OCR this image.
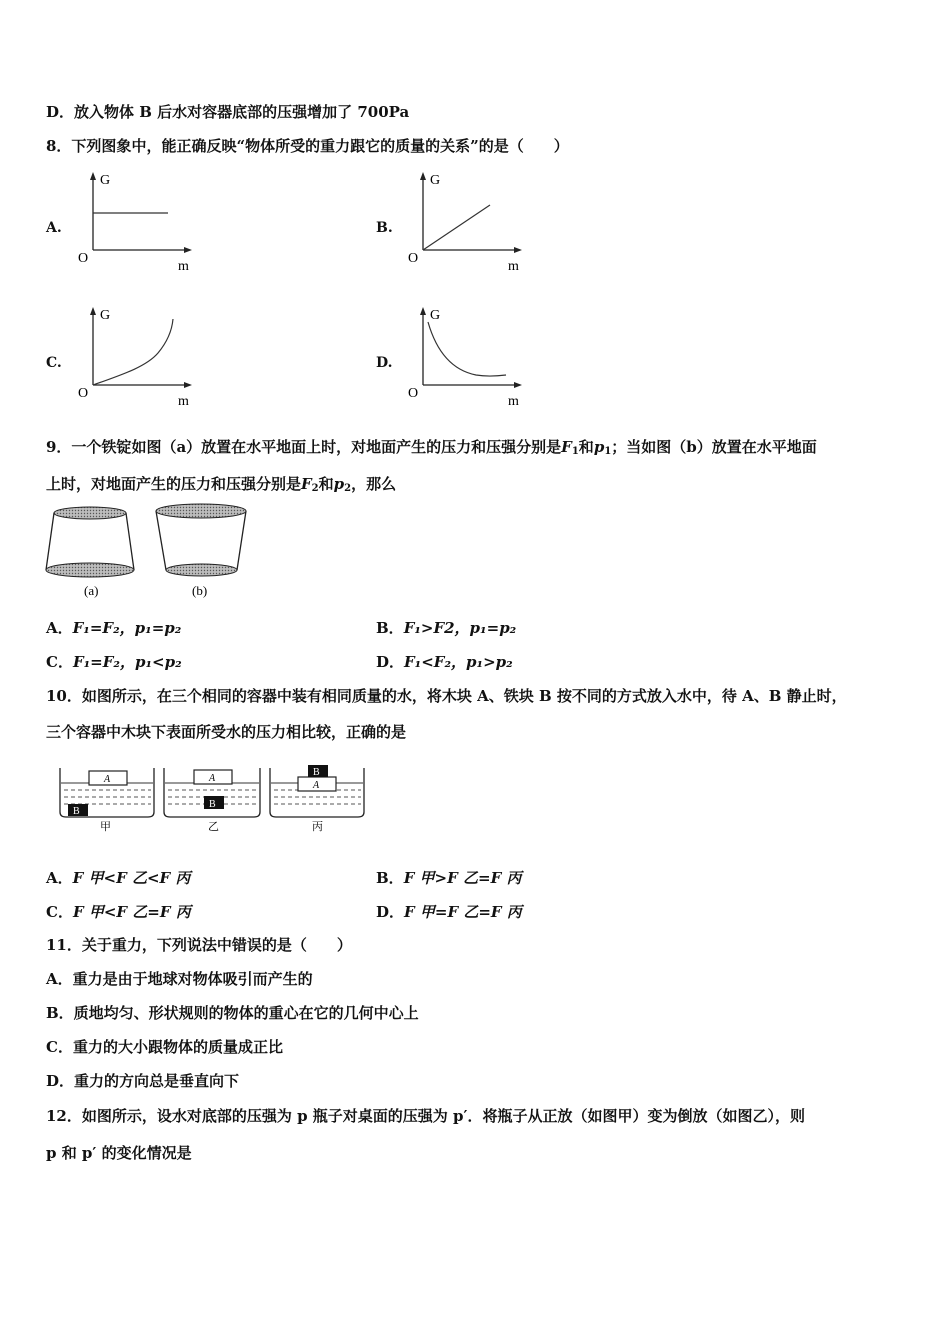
D．放入物体 B 后水对容器底部的压强增加了 700Pa
8．下列图象中，能正确反映“物体所受的重力跟它的质量的关系”的是（　　）
A.	B.
C.	D.
G
O
m
G
O
m
G
O
m
G
O
m
9．一个铁锭如图（a）放置在水平地面上时，对地面产生的压力和压强分别是$F_1$和$p_1$；当如图（b）放置在水平地面
上时，对地面产生的压力和压强分别是$F_2$和$p_2$，那么
(a)	(b)
A．F₁=F₂，p₁=p₂	B．F₁>F2，p₁=p₂
C．F₁=F₂，p₁<p₂	D．F₁<F₂，p₁>p₂
10．如图所示，在三个相同的容器中装有相同质量的水，将木块 A、铁块 B 按不同的方式放入水中，待 A、B 静止时，
三个容器中木块下表面所受水的压力相比较，正确的是
A
B
甲
A
B
乙
A
B
丙
A．F 甲<F 乙<F 丙	B．F 甲>F 乙=F 丙
C．F 甲<F 乙=F 丙	D．F 甲=F 乙=F 丙
11．关于重力，下列说法中错误的是（　　）
A．重力是由于地球对物体吸引而产生的
B．质地均匀、形状规则的物体的重心在它的几何中心上
C．重力的大小跟物体的质量成正比
D．重力的方向总是垂直向下
12．如图所示，设水对底部的压强为 p 瓶子对桌面的压强为 p′．将瓶子从正放（如图甲）变为倒放（如图乙），则
p 和 p′ 的变化情况是
